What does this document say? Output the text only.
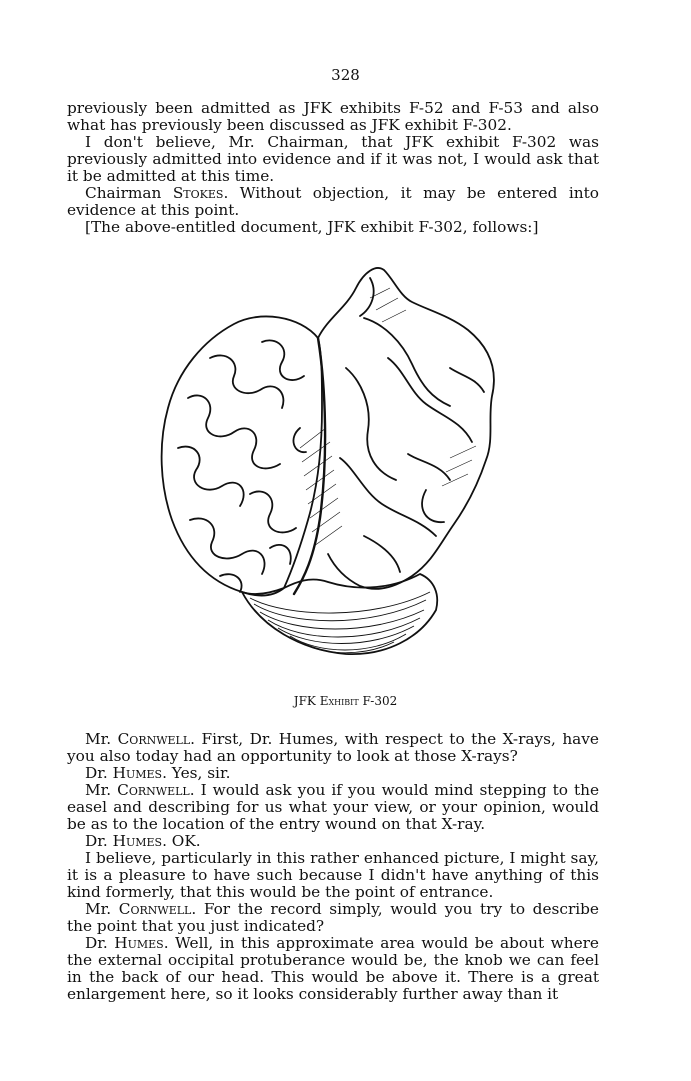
328

previously been admitted as JFK exhibits F-52 and F-53 and also what has previously been discussed as JFK exhibit F-302.

I don't believe, Mr. Chairman, that JFK exhibit F-302 was previously admitted into evidence and if it was not, I would ask that it be admitted at this time.

Chairman Stokes. Without objection, it may be entered into evidence at this point.

[The above-entitled document, JFK exhibit F-302, follows:]

JFK Exhibit F-302

Mr. Cornwell. First, Dr. Humes, with respect to the X-rays, have you also today had an opportunity to look at those X-rays?

Dr. Humes. Yes, sir.

Mr. Cornwell. I would ask you if you would mind stepping to the easel and describing for us what your view, or your opinion, would be as to the location of the entry wound on that X-ray.

Dr. Humes. OK.

I believe, particularly in this rather enhanced picture, I might say, it is a pleasure to have such because I didn't have anything of this kind formerly, that this would be the point of entrance.

Mr. Cornwell. For the record simply, would you try to describe the point that you just indicated?

Dr. Humes. Well, in this approximate area would be about where the external occipital protuberance would be, the knob we can feel in the back of our head. This would be above it. There is a great enlargement here, so it looks considerably further away than it
